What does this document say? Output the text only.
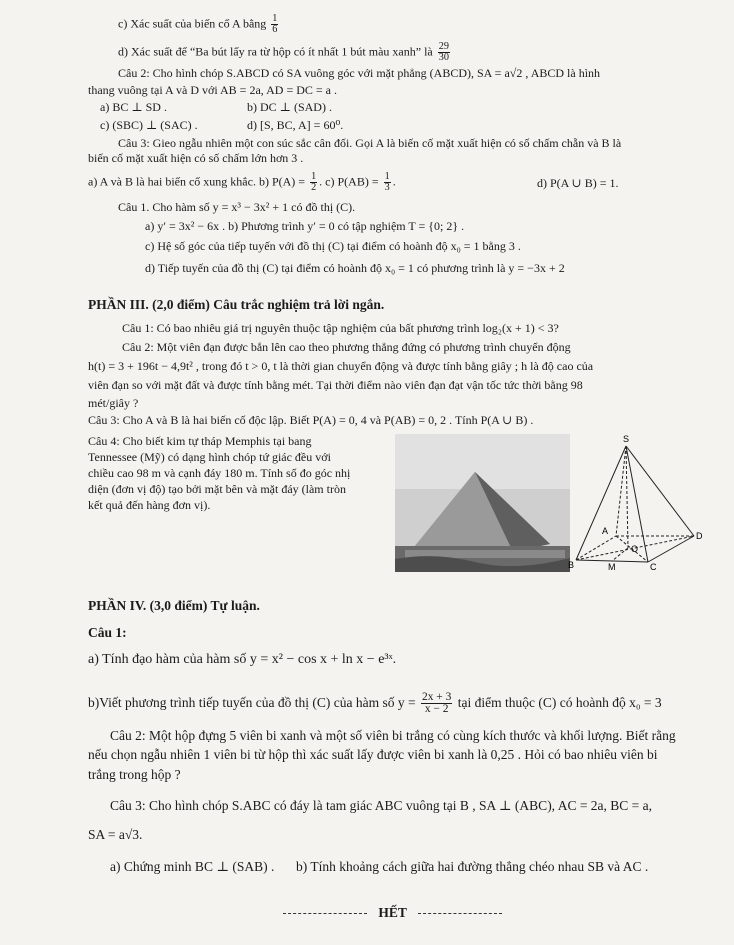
c) Xác suất của biến cố A bằng $\frac{1}{6}$
d) Xác suất để “Ba bút lấy ra từ hộp có ít nhất 1 bút màu xanh” là $\frac{29}{30}$
Câu 2: Cho hình chóp S.ABCD có SA vuông góc với mặt phẳng (ABCD), SA = a√2 , ABCD là hình
thang vuông tại A và D với AB = 2a, AD = DC = a .
a) BC ⊥ SD .	b) DC ⊥ (SAD) .
c) (SBC) ⊥ (SAC) .	d) [S, BC, A] = 60⁰.
Câu 3: Gieo ngẫu nhiên một con súc sắc cân đối. Gọi A là biến cố mặt xuất hiện có số chấm chẵn và B là
biến cố mặt xuất hiện có số chấm lớn hơn 3 .
a) A và B là hai biến cố xung khắc. b) $P(A) = \frac{1}{2}$ . c) $P(AB) = \frac{1}{3}$ .	d) P(A ∪ B) = 1.
Câu 1. Cho hàm số y = x³ − 3x² + 1 có đồ thị (C).
a) y′ = 3x² − 6x . b) Phương trình y′ = 0 có tập nghiệm T = {0; 2} .
c) Hệ số góc của tiếp tuyến với đồ thị (C) tại điểm có hoành độ x₀ = 1 bằng 3 .
d) Tiếp tuyến của đồ thị (C) tại điểm có hoành độ x₀ = 1 có phương trình là y = −3x + 2
PHẦN III. (2,0 điểm) Câu trắc nghiệm trả lời ngắn.
Câu 1: Có bao nhiêu giá trị nguyên thuộc tập nghiệm của bất phương trình log₂(x + 1) < 3?
Câu 2: Một viên đạn được bắn lên cao theo phương thẳng đứng có phương trình chuyển động
h(t) = 3 + 196t − 4,9t² , trong đó t > 0, t là thời gian chuyển động và được tính bằng giây ; h là độ cao của
viên đạn so với mặt đất và được tính bằng mét. Tại thời điểm nào viên đạn đạt vận tốc tức thời bằng 98
mét/giây ?
Câu 3: Cho A và B là hai biến cố độc lập. Biết P(A) = 0, 4 và P(AB) = 0, 2 . Tính P(A ∪ B) .
Câu 4: Cho biết kim tự tháp Memphis tại bang
Tennessee (Mỹ) có dạng hình chóp tứ giác đều với
chiều cao 98 m và cạnh đáy 180 m. Tính số đo góc nhị
diện (đơn vị độ) tạo bởi mặt bên và mặt đáy (làm tròn
kết quả đến hàng đơn vị).
S
A
B	M	C
D
O
PHẦN IV. (3,0 điểm) Tự luận.
Câu 1:
a) Tính đạo hàm của hàm số y = x² − cos x + ln x − e³ˣ.
b)Viết phương trình tiếp tuyến của đồ thị (C) của hàm số $y = \frac{2x + 3}{x - 2}$ tại điểm thuộc (C) có hoành độ x₀ = 3
Câu 2: Một hộp đựng 5 viên bi xanh và một số viên bi trắng có cùng kích thước và khối lượng. Biết rằng
nếu chọn ngẫu nhiên 1 viên bi từ hộp thì xác suất lấy được viên bi xanh là 0,25 . Hỏi có bao nhiêu viên bi
trắng trong hộp ?
Câu 3: Cho hình chóp S.ABC có đáy là tam giác ABC vuông tại B , SA ⊥ (ABC), AC = 2a, BC = a,
SA = a√3.
a) Chứng minh BC ⊥ (SAB) . b) Tính khoảng cách giữa hai đường thẳng chéo nhau SB và AC .
HẾT
